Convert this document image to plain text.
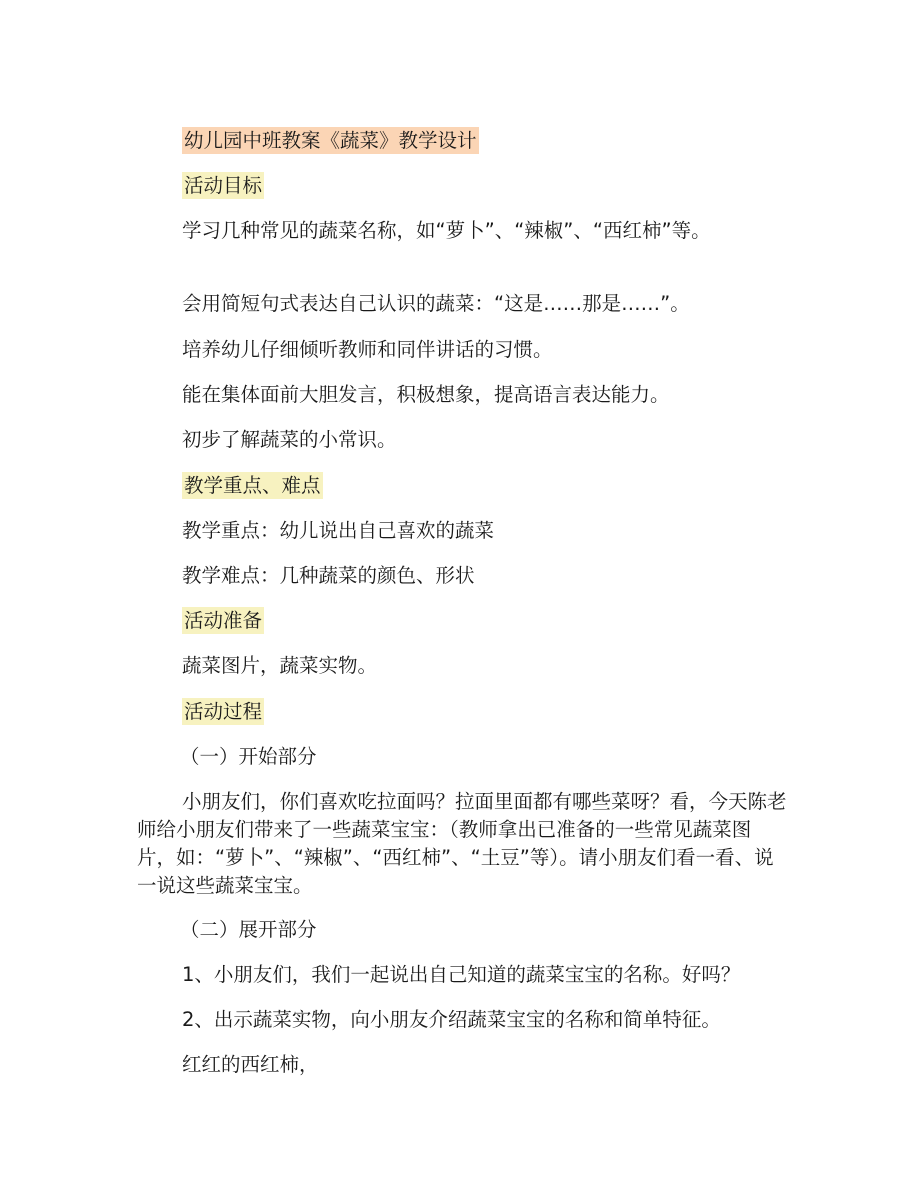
幼儿园中班教案《蔬菜》教学设计
活动目标
学习几种常见的蔬菜名称，如“萝卜”、“辣椒”、“西红柿”等。
会用简短句式表达自己认识的蔬菜：“这是……那是……”。
培养幼儿仔细倾听教师和同伴讲话的习惯。
能在集体面前大胆发言，积极想象，提高语言表达能力。
初步了解蔬菜的小常识。
教学重点、难点
教学重点：幼儿说出自己喜欢的蔬菜
教学难点：几种蔬菜的颜色、形状
活动准备
蔬菜图片，蔬菜实物。
活动过程
（一）开始部分
小朋友们，你们喜欢吃拉面吗？拉面里面都有哪些菜呀？看，今天陈老师给小朋友们带来了一些蔬菜宝宝：（教师拿出已准备的一些常见蔬菜图片，如：“萝卜”、“辣椒”、“西红柿”、“土豆”等）。请小朋友们看一看、说一说这些蔬菜宝宝。
（二）展开部分
1、小朋友们，我们一起说出自己知道的蔬菜宝宝的名称。好吗？
2、出示蔬菜实物，向小朋友介绍蔬菜宝宝的名称和简单特征。
红红的西红柿，
